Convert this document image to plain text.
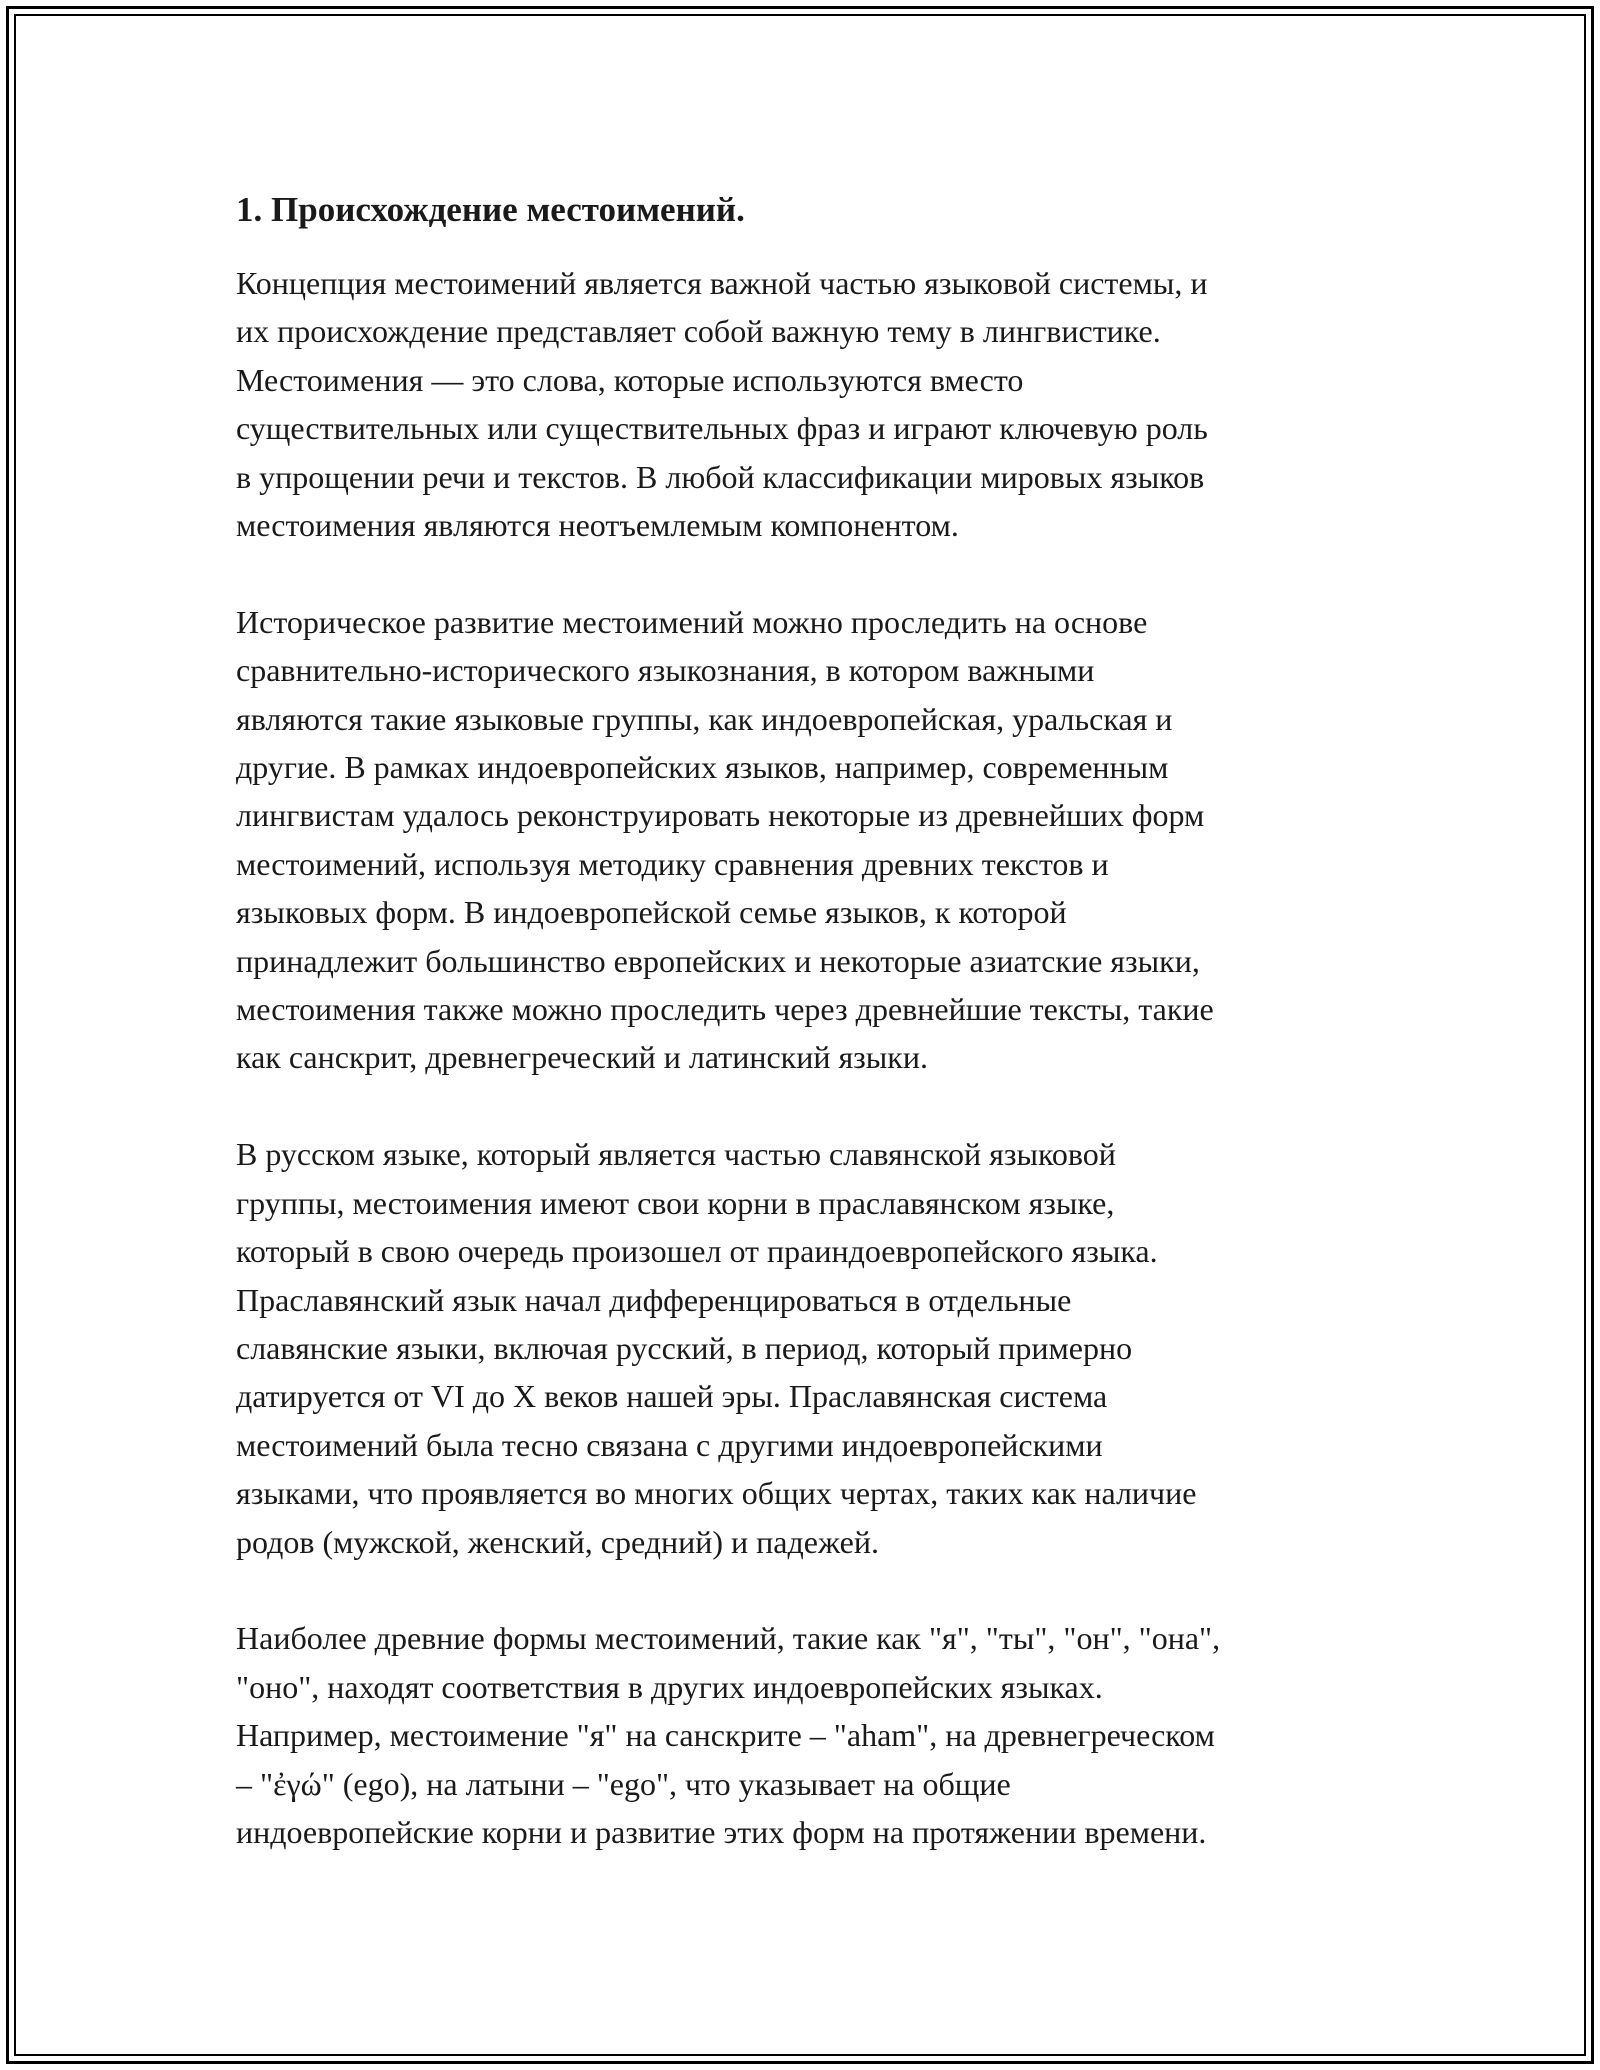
1. Происхождение местоимений.
Концепция местоимений является важной частью языковой системы, и
их происхождение представляет собой важную тему в лингвистике.
Местоимения — это слова, которые используются вместо
существительных или существительных фраз и играют ключевую роль
в упрощении речи и текстов. В любой классификации мировых языков
местоимения являются неотъемлемым компонентом.
Историческое развитие местоимений можно проследить на основе
сравнительно-исторического языкознания, в котором важными
являются такие языковые группы, как индоевропейская, уральская и
другие. В рамках индоевропейских языков, например, современным
лингвистам удалось реконструировать некоторые из древнейших форм
местоимений, используя методику сравнения древних текстов и
языковых форм. В индоевропейской семье языков, к которой
принадлежит большинство европейских и некоторые азиатские языки,
местоимения также можно проследить через древнейшие тексты, такие
как санскрит, древнегреческий и латинский языки.
В русском языке, который является частью славянской языковой
группы, местоимения имеют свои корни в праславянском языке,
который в свою очередь произошел от праиндоевропейского языка.
Праславянский язык начал дифференцироваться в отдельные
славянские языки, включая русский, в период, который примерно
датируется от VI до X веков нашей эры. Праславянская система
местоимений была тесно связана с другими индоевропейскими
языками, что проявляется во многих общих чертах, таких как наличие
родов (мужской, женский, средний) и падежей.
Наиболее древние формы местоимений, такие как "я", "ты", "он", "она",
"оно", находят соответствия в других индоевропейских языках.
Например, местоимение "я" на санскрите – "aham", на древнегреческом
– "ἐγώ" (ego), на латыни – "ego", что указывает на общие
индоевропейские корни и развитие этих форм на протяжении времени.
